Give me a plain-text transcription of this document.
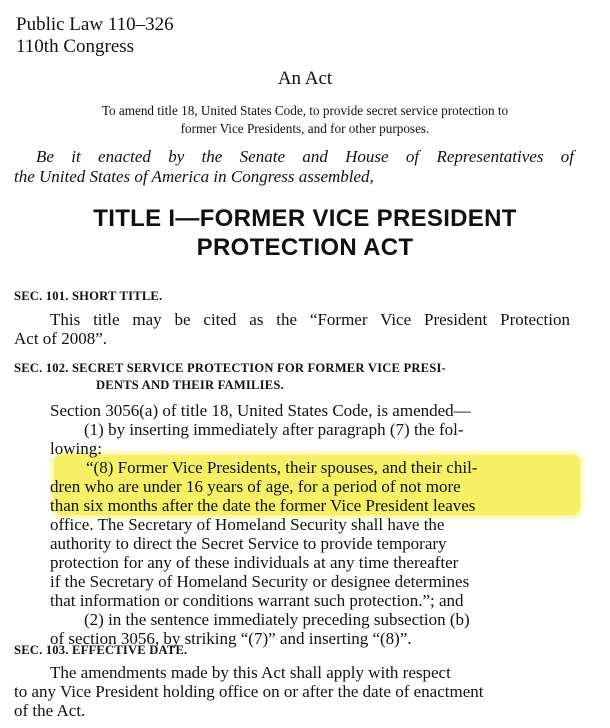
Public Law 110–326
110th Congress
An Act
To amend title 18, United States Code, to provide secret service protection to
former Vice Presidents, and for other purposes.
Be it enacted by the Senate and House of Representatives of
the United States of America in Congress assembled,
TITLE I—FORMER VICE PRESIDENT
PROTECTION ACT
SEC. 101. SHORT TITLE.
This title may be cited as the “Former Vice President Protection
Act of 2008”.
SEC. 102. SECRET SERVICE PROTECTION FOR FORMER VICE PRESI-
DENTS AND THEIR FAMILIES.
Section 3056(a) of title 18, United States Code, is amended—
(1) by inserting immediately after paragraph (7) the fol-
lowing:
“(8) Former Vice Presidents, their spouses, and their chil-
dren who are under 16 years of age, for a period of not more
than six months after the date the former Vice President leaves
office. The Secretary of Homeland Security shall have the
authority to direct the Secret Service to provide temporary
protection for any of these individuals at any time thereafter
if the Secretary of Homeland Security or designee determines
that information or conditions warrant such protection.”; and
(2) in the sentence immediately preceding subsection (b)
of section 3056, by striking “(7)” and inserting “(8)”.
SEC. 103. EFFECTIVE DATE.
The amendments made by this Act shall apply with respect
to any Vice President holding office on or after the date of enactment
of the Act.
